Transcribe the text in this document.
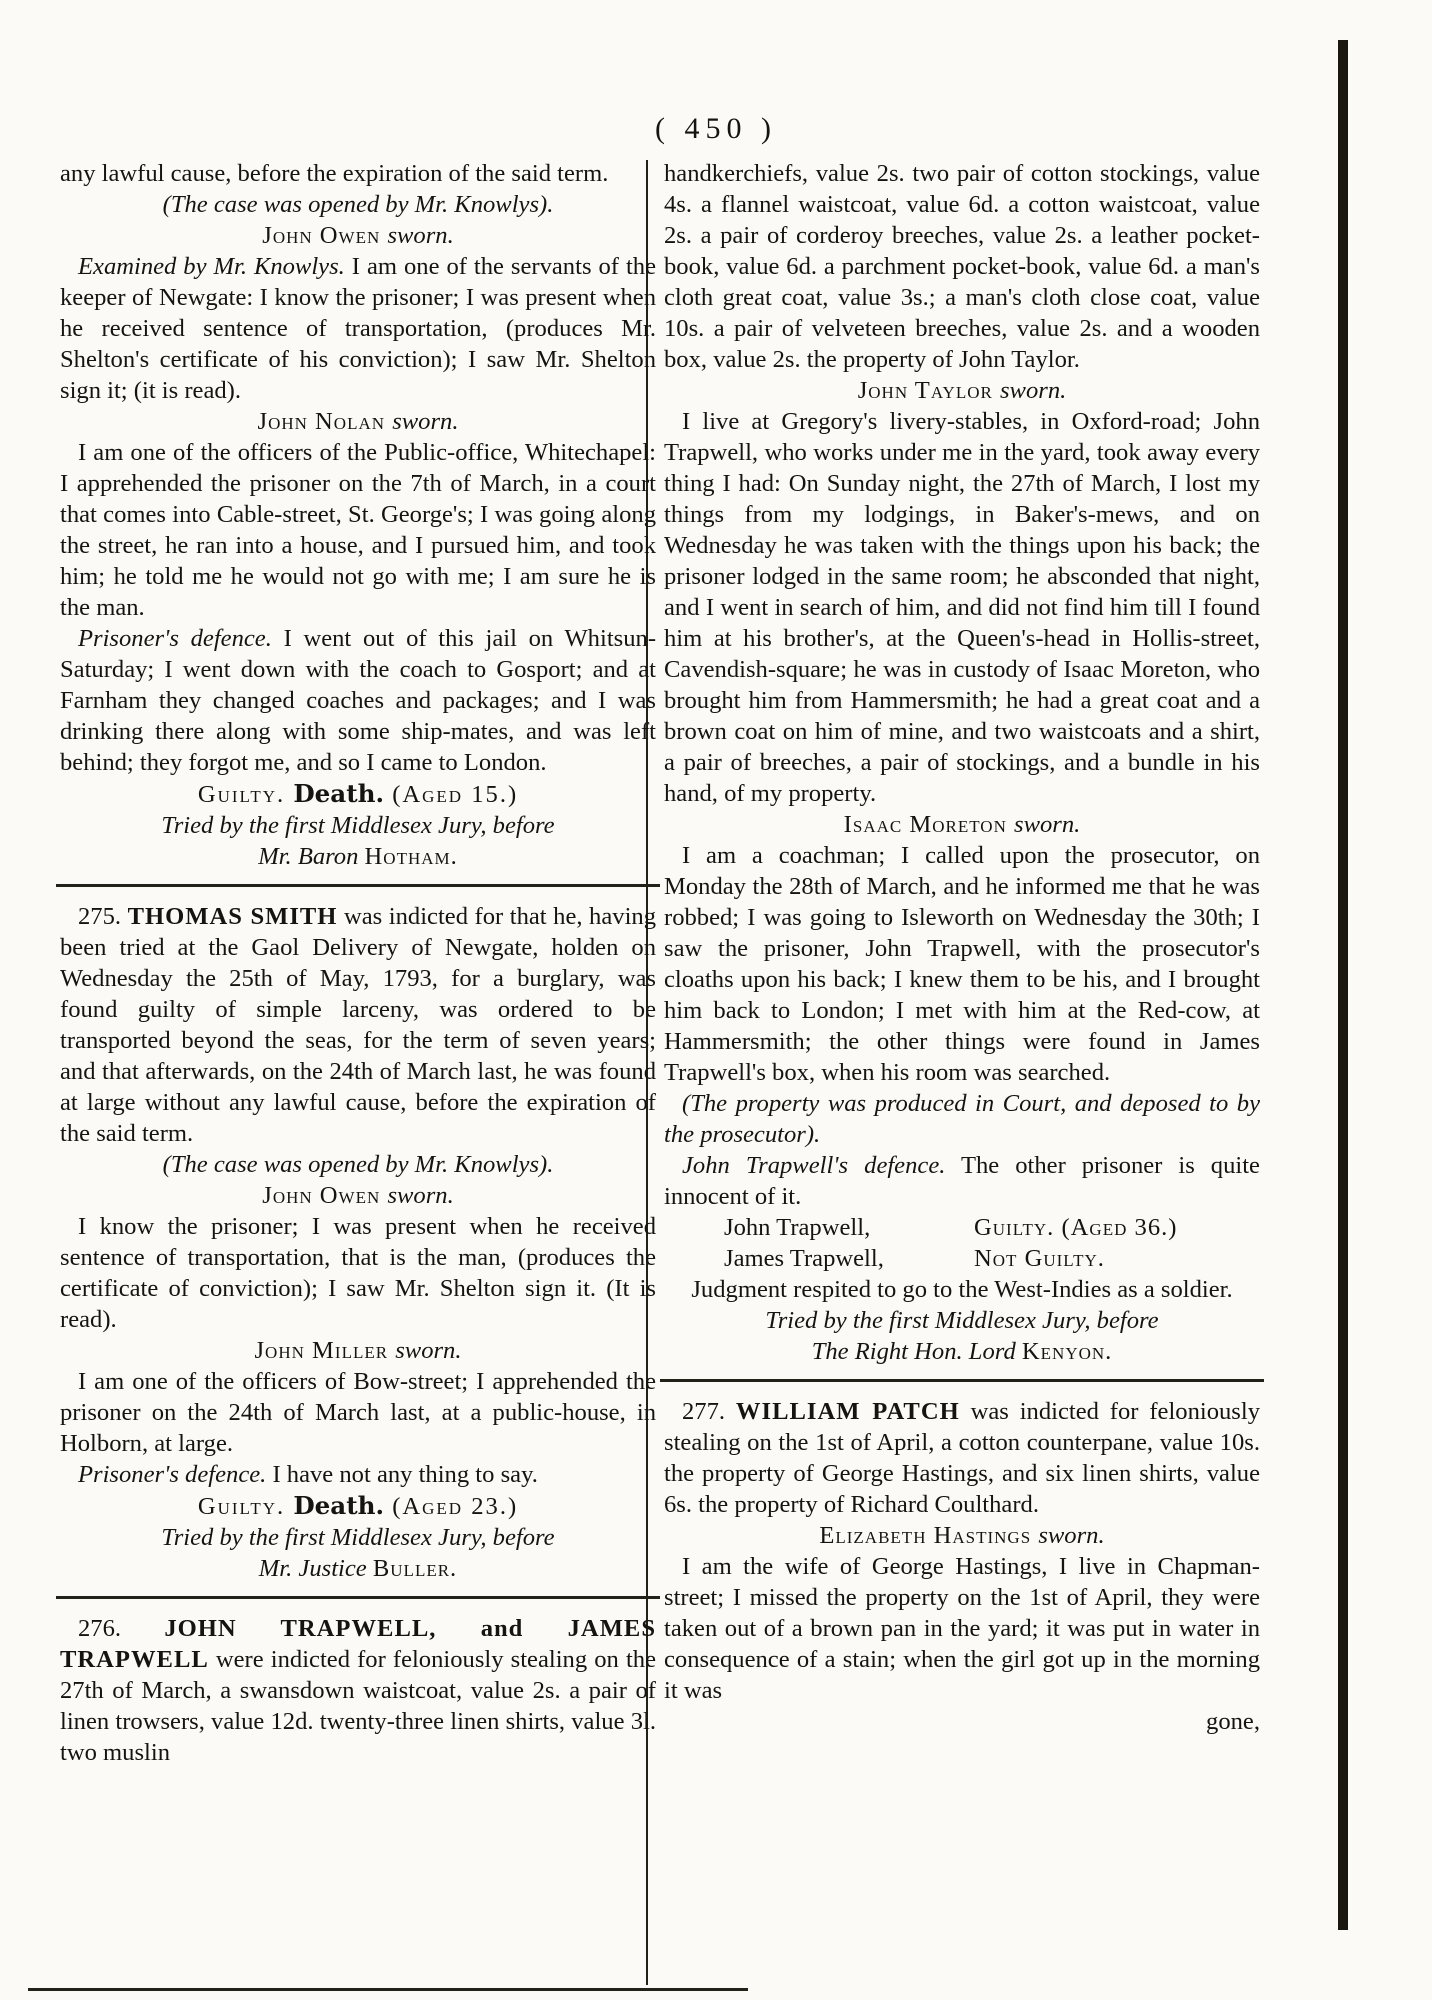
( 450 )

any lawful cause, before the expiration of the said term.

(The case was opened by Mr. Knowlys).

John Owen sworn.

Examined by Mr. Knowlys. I am one of the servants of the keeper of Newgate: I know the prisoner; I was present when he received sentence of transportation, (produces Mr. Shelton's certificate of his conviction); I saw Mr. Shelton sign it; (it is read).

John Nolan sworn.

I am one of the officers of the Public-office, Whitechapel: I apprehended the prisoner on the 7th of March, in a court that comes into Cable-street, St. George's; I was going along the street, he ran into a house, and I pursued him, and took him; he told me he would not go with me; I am sure he is the man.

Prisoner's defence. I went out of this jail on Whitsun-Saturday; I went down with the coach to Gosport; and at Farnham they changed coaches and packages; and I was drinking there along with some ship-mates, and was left behind; they forgot me, and so I came to London.

Guilty. Death. (Aged 15.)

Tried by the first Middlesex Jury, before

Mr. Baron Hotham.

275. THOMAS SMITH was indicted for that he, having been tried at the Gaol Delivery of Newgate, holden on Wednesday the 25th of May, 1793, for a burglary, was found guilty of simple larceny, was ordered to be transported beyond the seas, for the term of seven years; and that afterwards, on the 24th of March last, he was found at large without any lawful cause, before the expiration of the said term.

(The case was opened by Mr. Knowlys).

John Owen sworn.

I know the prisoner; I was present when he received sentence of transportation, that is the man, (produces the certificate of conviction); I saw Mr. Shelton sign it. (It is read).

John Miller sworn.

I am one of the officers of Bow-street; I apprehended the prisoner on the 24th of March last, at a public-house, in Holborn, at large.

Prisoner's defence. I have not any thing to say.

Guilty. Death. (Aged 23.)

Tried by the first Middlesex Jury, before

Mr. Justice Buller.

276. JOHN TRAPWELL, and JAMES TRAPWELL were indicted for feloniously stealing on the 27th of March, a swansdown waistcoat, value 2s. a pair of linen trowsers, value 12d. twenty-three linen shirts, value 3l. two muslin

handkerchiefs, value 2s. two pair of cotton stockings, value 4s. a flannel waistcoat, value 6d. a cotton waistcoat, value 2s. a pair of corderoy breeches, value 2s. a leather pocket-book, value 6d. a parchment pocket-book, value 6d. a man's cloth great coat, value 3s.; a man's cloth close coat, value 10s. a pair of velveteen breeches, value 2s. and a wooden box, value 2s. the property of John Taylor.

John Taylor sworn.

I live at Gregory's livery-stables, in Oxford-road; John Trapwell, who works under me in the yard, took away every thing I had: On Sunday night, the 27th of March, I lost my things from my lodgings, in Baker's-mews, and on Wednesday he was taken with the things upon his back; the prisoner lodged in the same room; he absconded that night, and I went in search of him, and did not find him till I found him at his brother's, at the Queen's-head in Hollis-street, Cavendish-square; he was in custody of Isaac Moreton, who brought him from Hammersmith; he had a great coat and a brown coat on him of mine, and two waistcoats and a shirt, a pair of breeches, a pair of stockings, and a bundle in his hand, of my property.

Isaac Moreton sworn.

I am a coachman; I called upon the prosecutor, on Monday the 28th of March, and he informed me that he was robbed; I was going to Isleworth on Wednesday the 30th; I saw the prisoner, John Trapwell, with the prosecutor's cloaths upon his back; I knew them to be his, and I brought him back to London; I met with him at the Red-cow, at Hammersmith; the other things were found in James Trapwell's box, when his room was searched.

(The property was produced in Court, and deposed to by the prosecutor).

John Trapwell's defence. The other prisoner is quite innocent of it.

John Trapwell,	Guilty. (Aged 36.)
James Trapwell,	Not Guilty.

Judgment respited to go to the West-Indies as a soldier.

Tried by the first Middlesex Jury, before

The Right Hon. Lord Kenyon.

277. WILLIAM PATCH was indicted for feloniously stealing on the 1st of April, a cotton counterpane, value 10s. the property of George Hastings, and six linen shirts, value 6s. the property of Richard Coulthard.

Elizabeth Hastings sworn.

I am the wife of George Hastings, I live in Chapman-street; I missed the property on the 1st of April, they were taken out of a brown pan in the yard; it was put in water in consequence of a stain; when the girl got up in the morning it was

gone,
